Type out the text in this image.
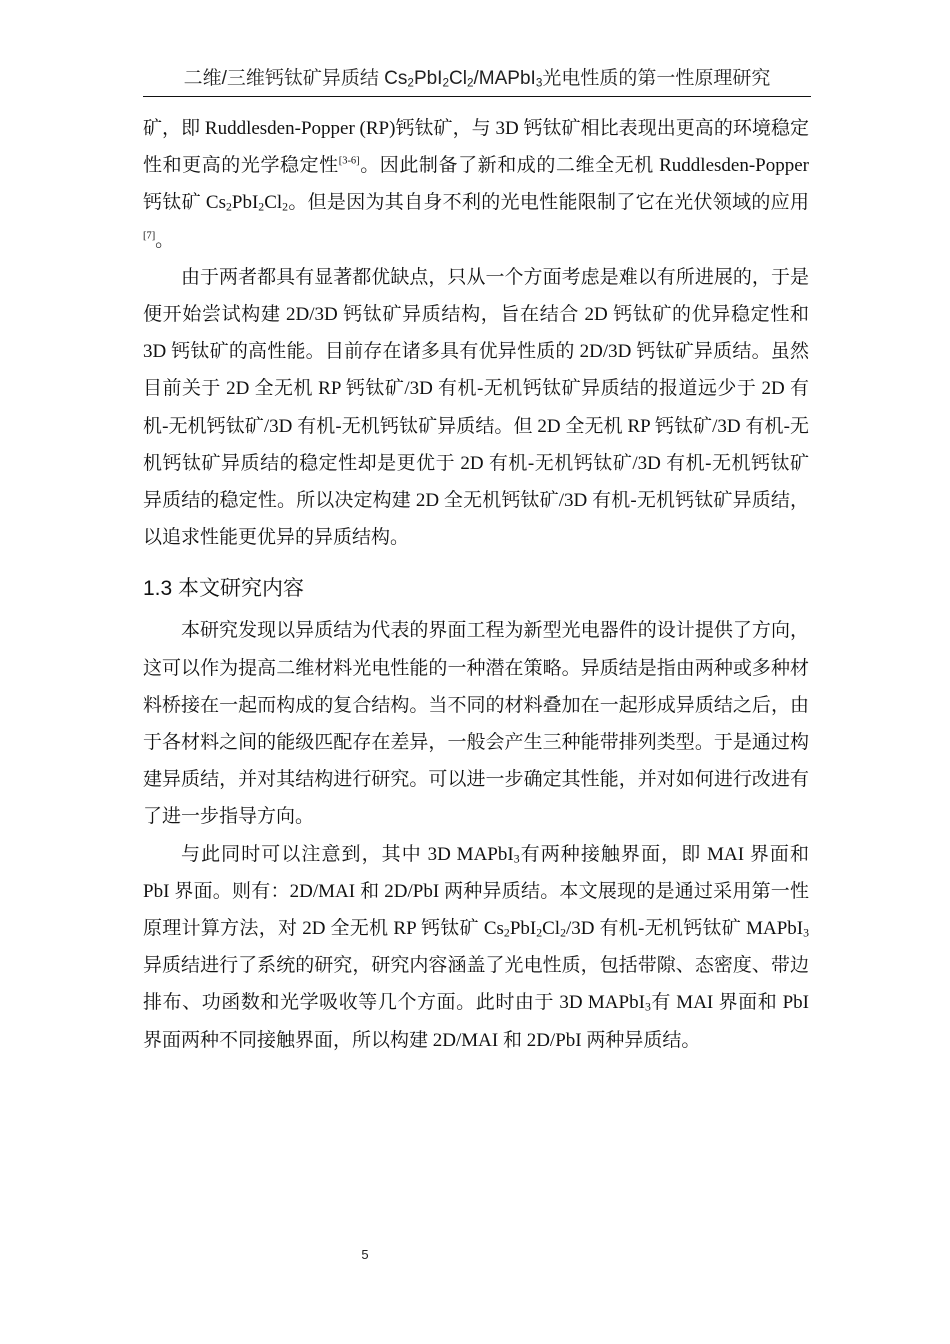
二维/三维钙钛矿异质结 $Cs_2PbI_2Cl_2/MAPbI_3$光电性质的第一性原理研究

矿，即 Ruddlesden-Popper (RP)钙钛矿，与 3D 钙钛矿相比表现出更高的环境稳定性和更高的光学稳定性[3-6]。因此制备了新和成的二维全无机 Ruddlesden-Popper 钙钛矿 $Cs_2PbI_2Cl_2$。但是因为其自身不利的光电性能限制了它在光伏领域的应用[7]。

由于两者都具有显著都优缺点，只从一个方面考虑是难以有所进展的，于是便开始尝试构建 2D/3D 钙钛矿异质结构，旨在结合 2D 钙钛矿的优异稳定性和 3D 钙钛矿的高性能。目前存在诸多具有优异性质的 2D/3D 钙钛矿异质结。虽然目前关于 2D 全无机 RP 钙钛矿/3D 有机-无机钙钛矿异质结的报道远少于 2D 有机-无机钙钛矿/3D 有机-无机钙钛矿异质结。但 2D 全无机 RP 钙钛矿/3D 有机-无机钙钛矿异质结的稳定性却是更优于 2D 有机-无机钙钛矿/3D 有机-无机钙钛矿异质结的稳定性。所以决定构建 2D 全无机钙钛矿/3D 有机-无机钙钛矿异质结，以追求性能更优异的异质结构。

1.3 本文研究内容

本研究发现以异质结为代表的界面工程为新型光电器件的设计提供了方向，这可以作为提高二维材料光电性能的一种潜在策略。异质结是指由两种或多种材料桥接在一起而构成的复合结构。当不同的材料叠加在一起形成异质结之后，由于各材料之间的能级匹配存在差异，一般会产生三种能带排列类型。于是通过构建异质结，并对其结构进行研究。可以进一步确定其性能，并对如何进行改进有了进一步指导方向。

与此同时可以注意到，其中 3D MAPbI$_3$有两种接触界面，即 MAI 界面和 PbI 界面。则有：2D/MAI 和 2D/PbI 两种异质结。本文展现的是通过采用第一性原理计算方法，对 2D 全无机 RP 钙钛矿 $Cs_2PbI_2Cl_2/3D$ 有机-无机钙钛矿 MAPbI$_3$异质结进行了系统的研究，研究内容涵盖了光电性质，包括带隙、态密度、带边排布、功函数和光学吸收等几个方面。此时由于 3D MAPbI$_3$有 MAI 界面和 PbI 界面两种不同接触界面，所以构建 2D/MAI 和 2D/PbI 两种异质结。

5
